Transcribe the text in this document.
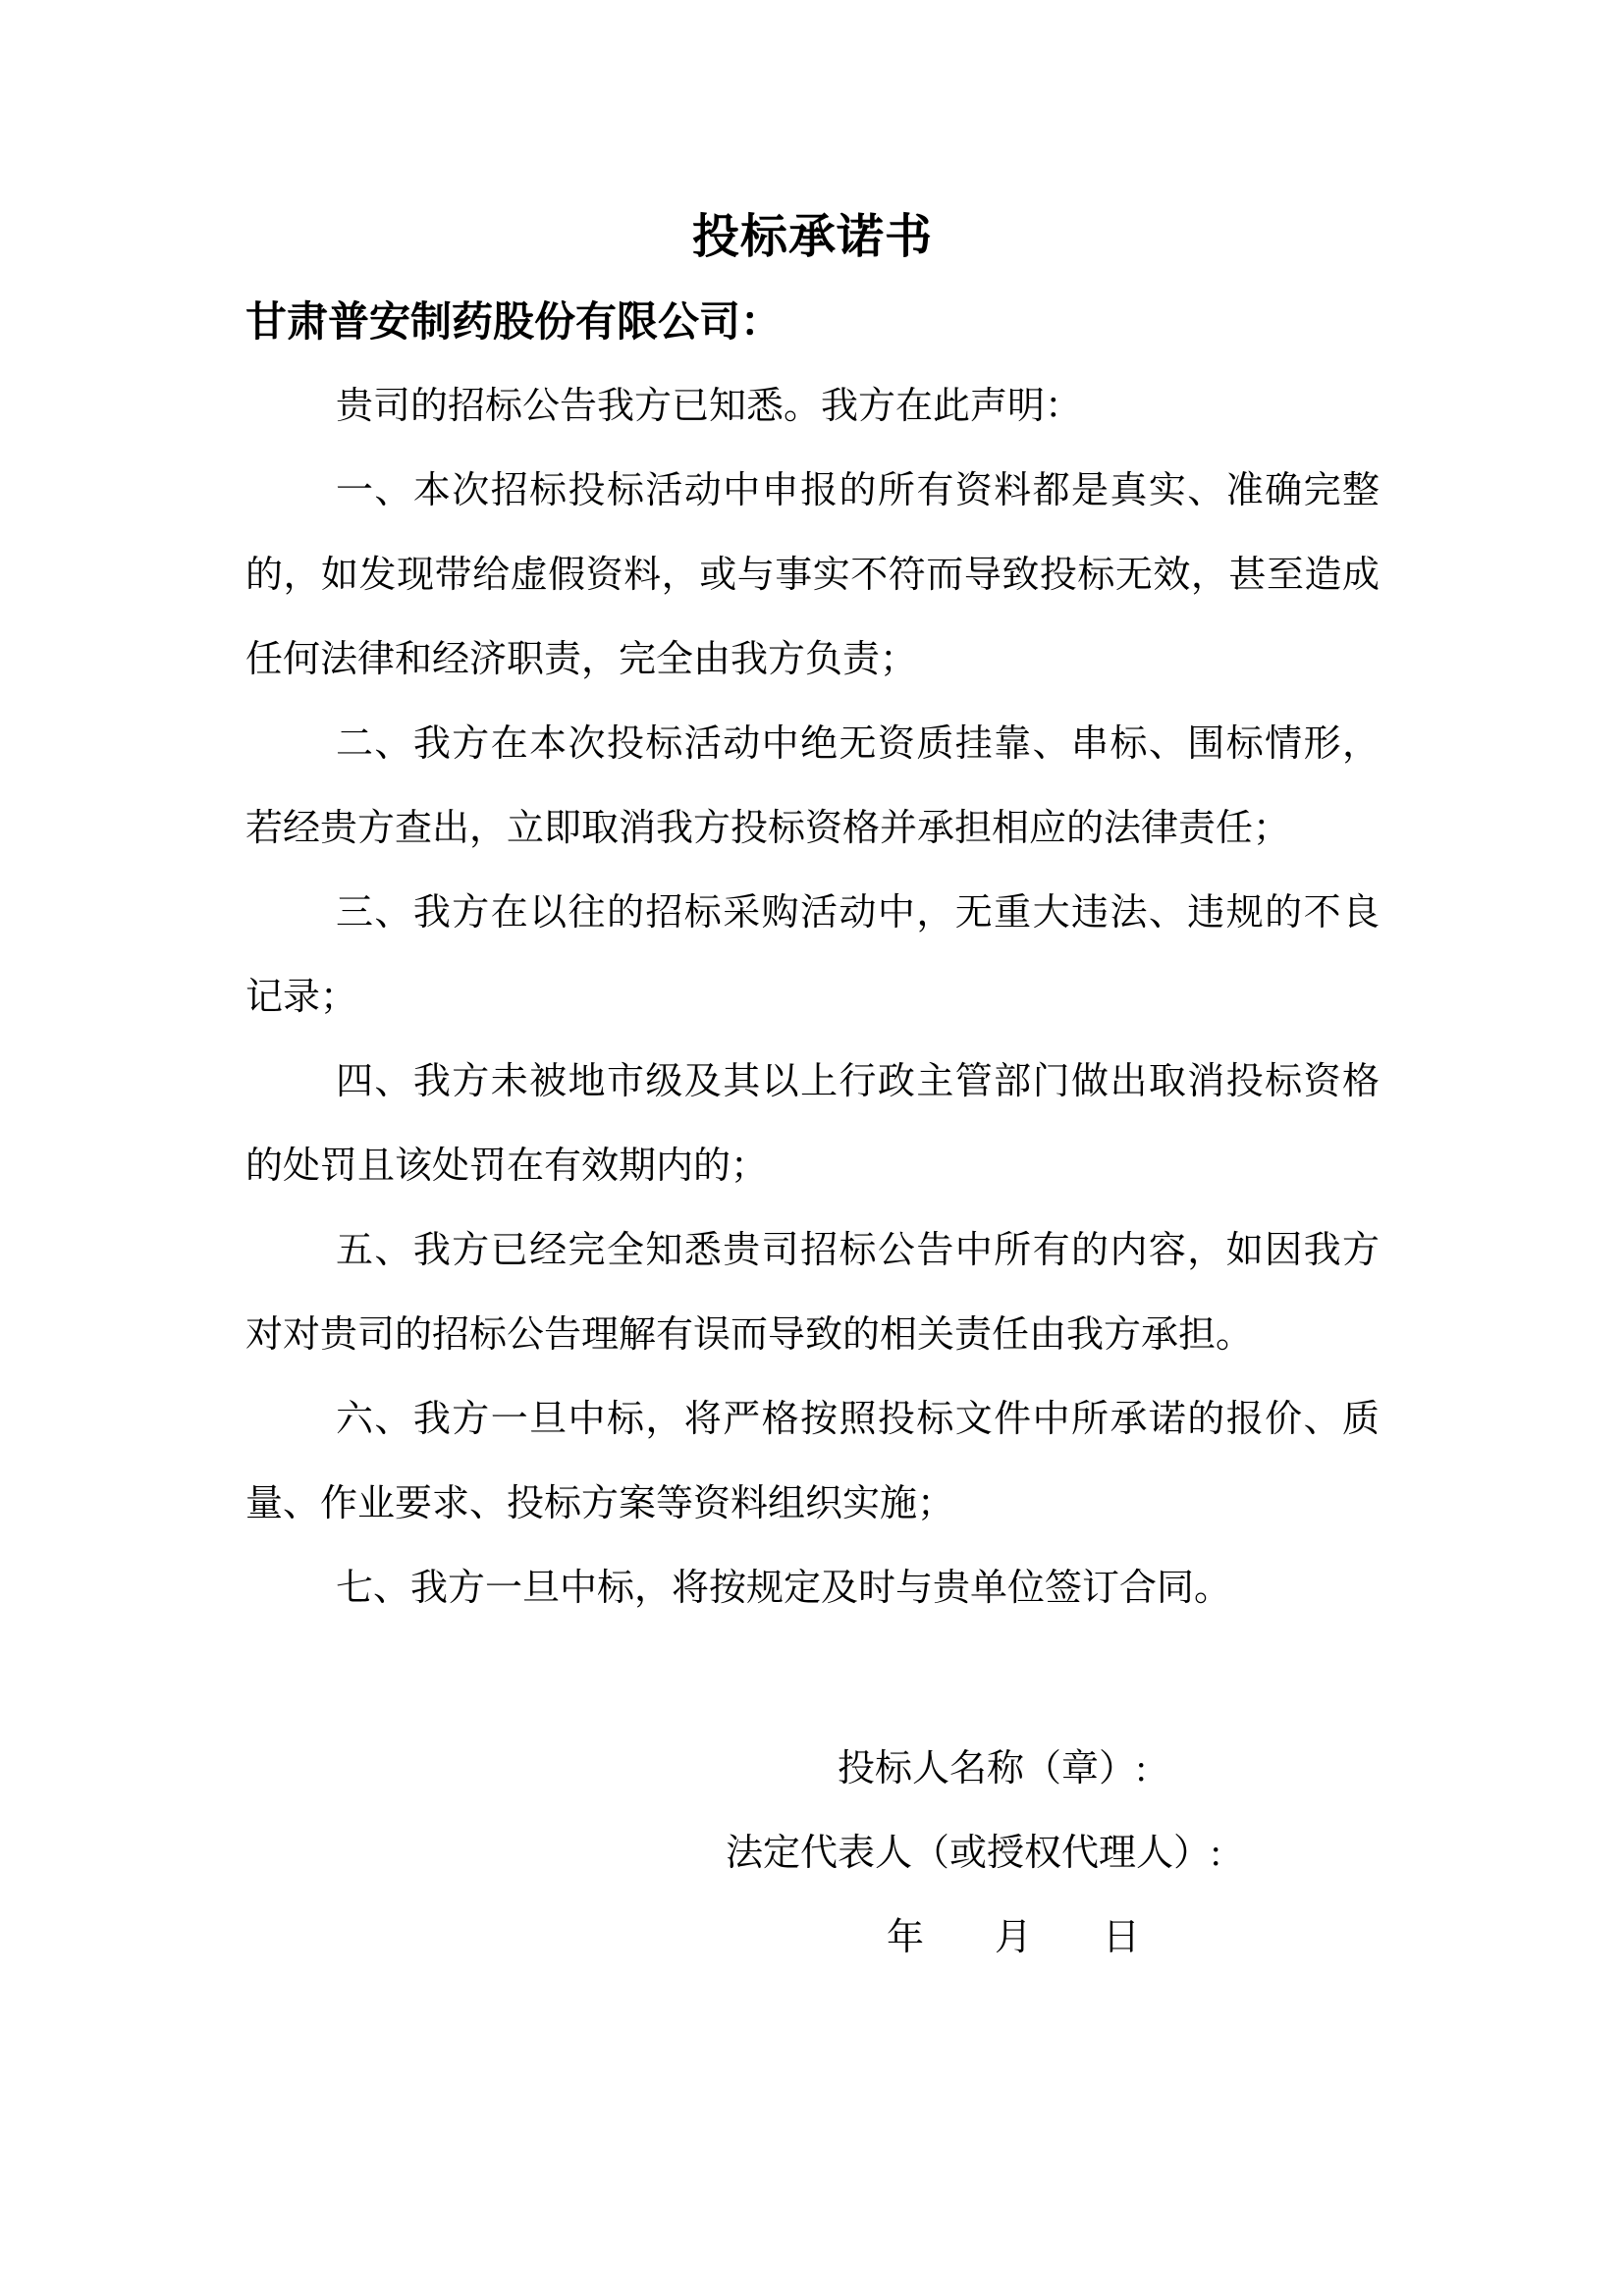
投标承诺书
甘肃普安制药股份有限公司：
贵司的招标公告我方已知悉。我方在此声明：
一、本次招标投标活动中申报的所有资料都是真实、准确完整
的，如发现带给虚假资料，或与事实不符而导致投标无效，甚至造成
任何法律和经济职责，完全由我方负责；
二、我方在本次投标活动中绝无资质挂靠、串标、围标情形，
若经贵方查出，立即取消我方投标资格并承担相应的法律责任；
三、我方在以往的招标采购活动中，无重大违法、违规的不良
记录；
四、我方未被地市级及其以上行政主管部门做出取消投标资格
的处罚且该处罚在有效期内的；
五、我方已经完全知悉贵司招标公告中所有的内容，如因我方
对对贵司的招标公告理解有误而导致的相关责任由我方承担。
六、我方一旦中标，将严格按照投标文件中所承诺的报价、质
量、作业要求、投标方案等资料组织实施；
七、我方一旦中标，将按规定及时与贵单位签订合同。
投标人名称（章）:
法定代表人（或授权代理人）:
年 月 日
